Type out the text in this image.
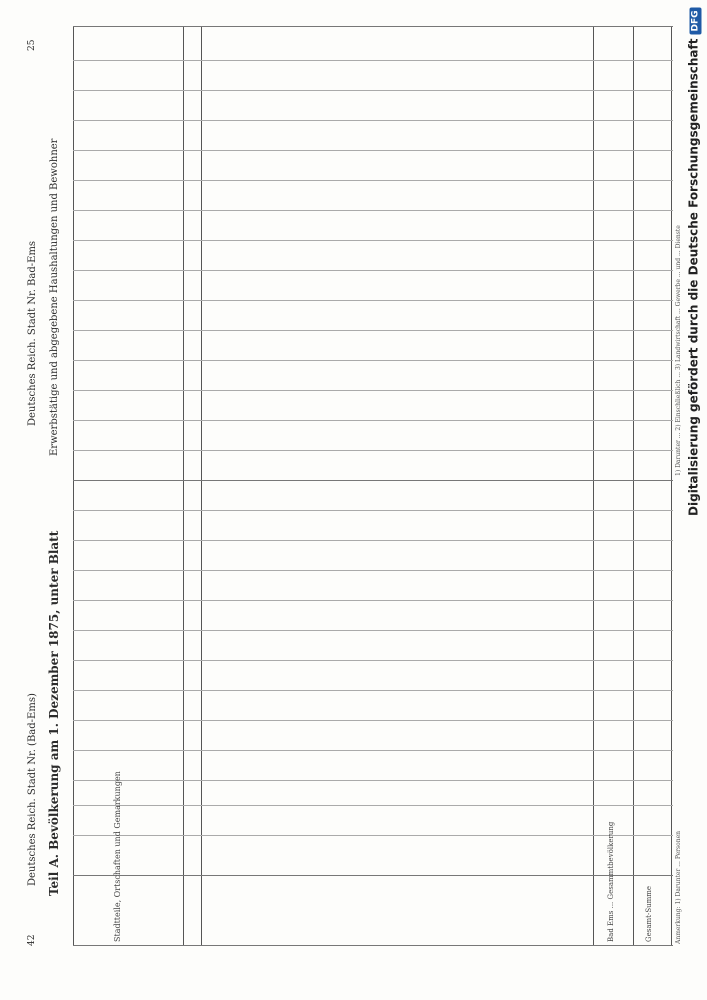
42
Deutsches Reich. Stadt Nr. (Bad-Ems)
Deutsches Reich. Stadt Nr. Bad-Ems
25
Teil A. Bevölkerung am 1. Dezember 1875, unter Blatt
Erwerbstätige und abgegebene Haushaltungen und Bewohner
Stadtteile, Ortschaften und Gemarkungen	Bad Ems ... Gesammtbevölkerung	Gesamt-Summe	Anmerkung: 1) Darunter ... Personen
1) Darunter ... 2) Einschließlich ... 3) Landwirtschaft ... Gewerbe ... und ... Dienste Digitalisierung gefördert durch die Deutsche ForschungsgemeinschaftDFG
